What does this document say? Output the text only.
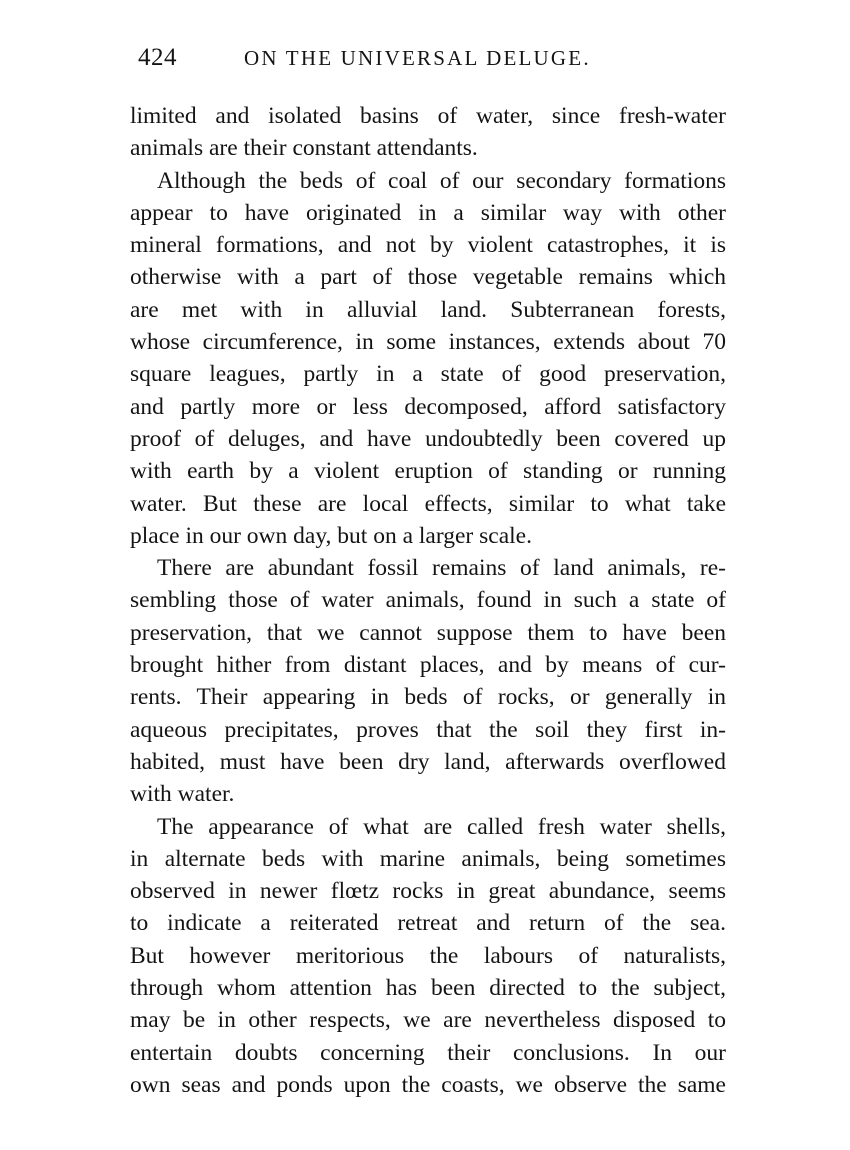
424	ON THE UNIVERSAL DELUGE.
limited and isolated basins of water, since fresh-water
animals are their constant attendants.
Although the beds of coal of our secondary formations
appear to have originated in a similar way with other
mineral formations, and not by violent catastrophes, it is
otherwise with a part of those vegetable remains which
are met with in alluvial land. Subterranean forests,
whose circumference, in some instances, extends about 70
square leagues, partly in a state of good preservation,
and partly more or less decomposed, afford satisfactory
proof of deluges, and have undoubtedly been covered up
with earth by a violent eruption of standing or running
water. But these are local effects, similar to what take
place in our own day, but on a larger scale.
There are abundant fossil remains of land animals, re-
sembling those of water animals, found in such a state of
preservation, that we cannot suppose them to have been
brought hither from distant places, and by means of cur-
rents. Their appearing in beds of rocks, or generally in
aqueous precipitates, proves that the soil they first in-
habited, must have been dry land, afterwards overflowed
with water.
The appearance of what are called fresh water shells,
in alternate beds with marine animals, being sometimes
observed in newer flœtz rocks in great abundance, seems
to indicate a reiterated retreat and return of the sea.
But however meritorious the labours of naturalists,
through whom attention has been directed to the subject,
may be in other respects, we are nevertheless disposed to
entertain doubts concerning their conclusions. In our
own seas and ponds upon the coasts, we observe the same
